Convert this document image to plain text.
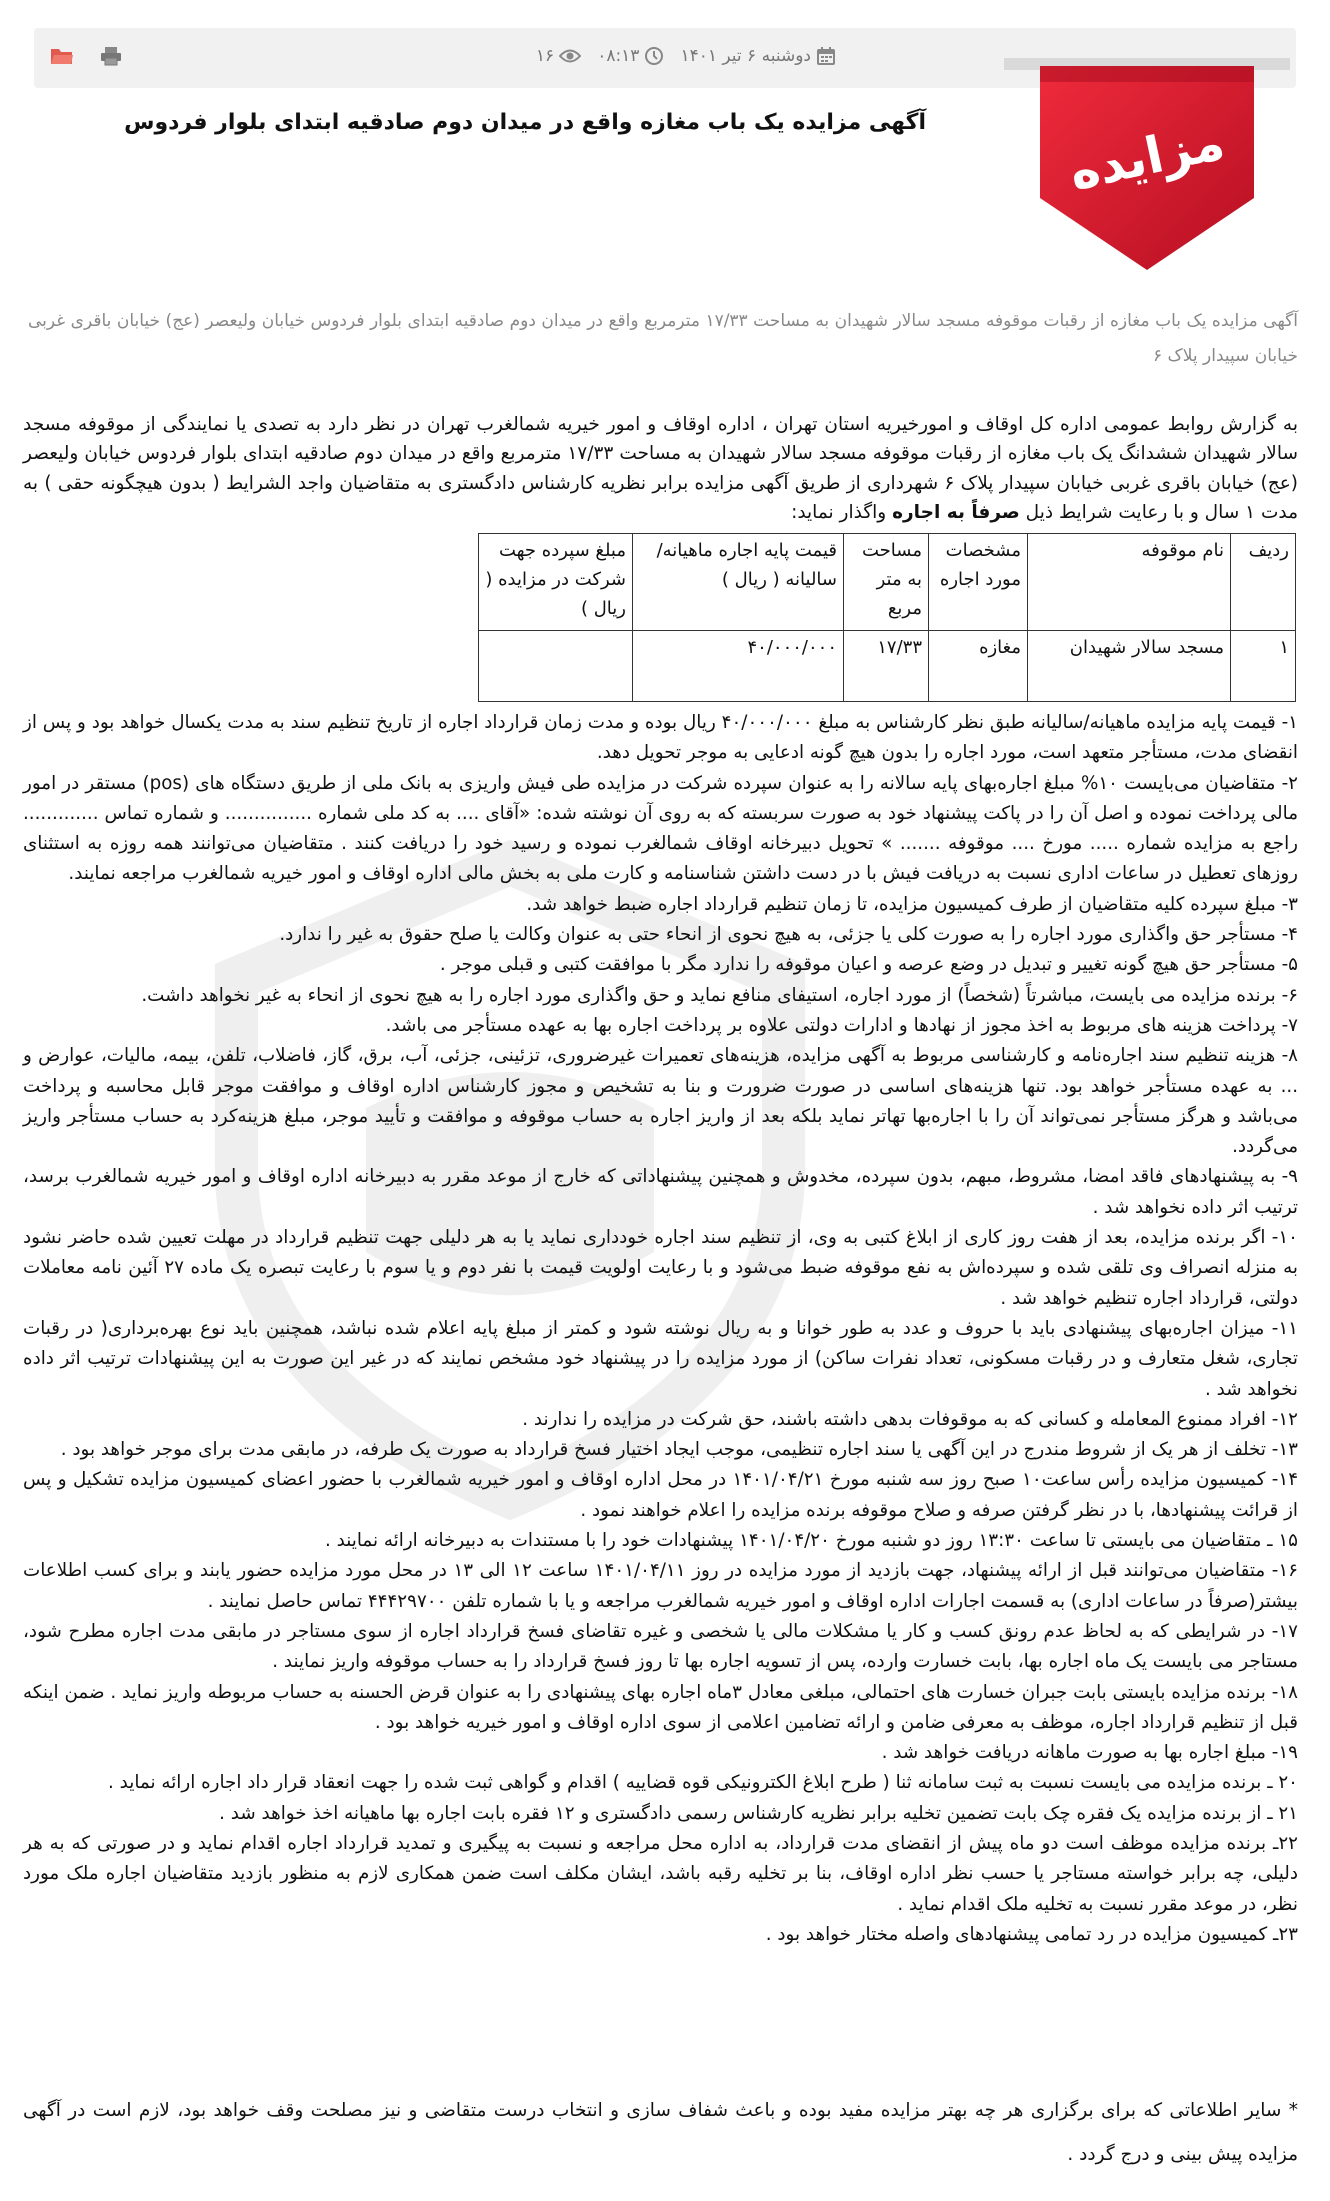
دوشنبه ۶ تیر ۱۴۰۱
۰۸:۱۳
۱۶
مزایده
آگهی مزایده یک باب مغازه واقع در میدان دوم صادقیه ابتدای بلوار فردوس

آگهی مزایده یک باب مغازه از رقبات موقوفه مسجد سالار شهیدان به مساحت ۱۷/۳۳ مترمربع واقع در میدان دوم صادقیه ابتدای بلوار فردوس خیابان ولیعصر (عج) خیابان باقری غربی خیابان سپیدار پلاک ۶

به گزارش روابط عمومی اداره کل اوقاف و امورخیریه استان تهران ، اداره اوقاف و امور خیریه شمالغرب تهران در نظر دارد به تصدی یا نمایندگی از موقوفه مسجد سالار شهیدان ششدانگ یک باب مغازه از رقبات موقوفه مسجد سالار شهیدان به مساحت ۱۷/۳۳ مترمربع واقع در میدان دوم صادقیه ابتدای بلوار فردوس خیابان ولیعصر (عج) خیابان باقری غربی خیابان سپیدار پلاک ۶ شهرداری از طریق آگهی مزایده برابر نظریه کارشناس دادگستری به متقاضیان واجد الشرایط ( بدون هیچگونه حقی ) به مدت ۱ سال و با رعایت شرایط ذیل صرفاً به اجاره واگذار نماید:

ردیف	نام موقوفه	مشخصات مورد اجاره	مساحت به متر مربع	قیمت پایه اجاره ماهیانه/سالیانه ( ریال )	مبلغ سپرده جهت شرکت در مزایده ( ریال )
۱	مسجد سالار شهیدان	مغازه	۱۷/۳۳	۴۰/۰۰۰/۰۰۰	

۱- قیمت پایه مزایده ماهیانه/سالیانه طبق نظر کارشناس به مبلغ ۴۰/۰۰۰/۰۰۰ ریال بوده و مدت زمان قرارداد اجاره از تاریخ تنظیم سند به مدت یکسال خواهد بود و پس از انقضای مدت، مستأجر متعهد است، مورد اجاره را بدون هیچ گونه ادعایی به موجر تحویل دهد.

۲- متقاضیان می‌بایست ۱۰% مبلغ اجاره‌بهای پایه سالانه را به عنوان سپرده شرکت در مزایده طی فیش واریزی به بانک ملی از طریق دستگاه های (pos) مستقر در امور مالی پرداخت نموده و اصل آن را در پاکت پیشنهاد خود به صورت سربسته که به روی آن نوشته شده: «آقای .... به کد ملی شماره ............... و شماره تماس ............. راجع به مزایده شماره ..... مورخ .... موقوفه ....... » تحویل دبیرخانه اوقاف شمالغرب نموده و رسید خود را دریافت کنند . متقاضیان می‌توانند همه روزه به استثنای روزهای تعطیل در ساعات اداری نسبت به دریافت فیش با در دست داشتن شناسنامه و کارت ملی به بخش مالی اداره اوقاف و امور خیریه شمالغرب مراجعه نمایند.

۳- مبلغ سپرده کلیه متقاضیان از طرف کمیسیون مزایده، تا زمان تنظیم قرارداد اجاره ضبط خواهد شد.

۴- مستأجر حق واگذاری مورد اجاره را به صورت کلی یا جزئی، به هیچ نحوی از انحاء حتی به عنوان وکالت یا صلح حقوق به غیر را ندارد.

۵- مستأجر حق هیچ گونه تغییر و تبدیل در وضع عرصه و اعیان موقوفه را ندارد مگر با موافقت کتبی و قبلی موجر .

۶- برنده مزایده می بایست، مباشرتاً (شخصاً) از مورد اجاره، استیفای منافع نماید و حق واگذاری مورد اجاره را به هیچ نحوی از انحاء به غیر نخواهد داشت.

۷- پرداخت هزینه های مربوط به اخذ مجوز از نهادها و ادارات دولتی علاوه بر پرداخت اجاره بها به عهده مستأجر می باشد.

۸- هزینه تنظیم سند اجاره‌نامه و کارشناسی مربوط به آگهی مزایده، هزینه‌های تعمیرات غیرضروری، تزئینی، جزئی، آب، برق، گاز، فاضلاب، تلفن، بیمه، مالیات، عوارض و ... به عهده مستأجر خواهد بود. تنها هزینه‌های اساسی در صورت ضرورت و بنا به تشخیص و مجوز کارشناس اداره اوقاف و موافقت موجر قابل محاسبه و پرداخت می‌باشد و هرگز مستأجر نمی‌تواند آن را با اجاره‌بها تهاتر نماید بلکه بعد از واریز اجاره به حساب موقوفه و موافقت و تأیید موجر، مبلغ هزینه‌کرد به حساب مستأجر واریز می‌گردد.

۹- به پیشنهادهای فاقد امضا، مشروط، مبهم، بدون سپرده، مخدوش و همچنین پیشنهاداتی که خارج از موعد مقرر به دبیرخانه اداره اوقاف و امور خیریه شمالغرب برسد، ترتیب اثر داده نخواهد شد .

۱۰- اگر برنده مزایده، بعد از هفت روز کاری از ابلاغ کتبی به وی، از تنظیم سند اجاره خودداری نماید یا به هر دلیلی جهت تنظیم قرارداد در مهلت تعیین شده حاضر نشود به منزله انصراف وی تلقی شده و سپرده‌اش به نفع موقوفه ضبط می‌شود و با رعایت اولویت قیمت با نفر دوم و یا سوم با رعایت تبصره یک ماده ۲۷ آئین نامه معاملات دولتی، قرارداد اجاره تنظیم خواهد شد .

۱۱- میزان اجاره‌بهای پیشنهادی باید با حروف و عدد به طور خوانا و به ریال نوشته شود و کمتر از مبلغ پایه اعلام شده نباشد، همچنین باید نوع بهره‌برداری( در رقبات تجاری، شغل متعارف و در رقبات مسکونی، تعداد نفرات ساکن) از مورد مزایده را در پیشنهاد خود مشخص نمایند که در غیر این صورت به این پیشنهادات ترتیب اثر داده نخواهد شد .

۱۲- افراد ممنوع المعامله و کسانی که به موقوفات بدهی داشته باشند، حق شرکت در مزایده را ندارند .

۱۳- تخلف از هر یک از شروط مندرج در این آگهی یا سند اجاره تنظیمی، موجب ایجاد اختیار فسخ قرارداد به صورت یک طرفه، در مابقی مدت برای موجر خواهد بود .

۱۴- کمیسیون مزایده رأس ساعت۱۰ صبح روز سه شنبه مورخ ۱۴۰۱/۰۴/۲۱ در محل اداره اوقاف و امور خیریه شمالغرب با حضور اعضای کمیسیون مزایده تشکیل و پس از قرائت پیشنهادها، با در نظر گرفتن صرفه و صلاح موقوفه برنده مزایده را اعلام خواهند نمود .

۱۵ ـ متقاضیان می بایستی تا ساعت ۱۳:۳۰ روز دو شنبه مورخ ۱۴۰۱/۰۴/۲۰ پیشنهادات خود را با مستندات به دبیرخانه ارائه نمایند .

۱۶- متقاضیان می‌توانند قبل از ارائه پیشنهاد، جهت بازدید از مورد مزایده در روز ۱۴۰۱/۰۴/۱۱ ساعت ۱۲ الی ۱۳ در محل مورد مزایده حضور یابند و برای کسب اطلاعات بیشتر(صرفاً در ساعات اداری) به قسمت اجارات اداره اوقاف و امور خیریه شمالغرب مراجعه و یا با شماره تلفن ۴۴۴۲۹۷۰۰ تماس حاصل نمایند .

۱۷- در شرایطی که به لحاظ عدم رونق کسب و کار یا مشکلات مالی یا شخصی و غیره تقاضای فسخ قرارداد اجاره از سوی مستاجر در مابقی مدت اجاره مطرح شود، مستاجر می بایست یک ماه اجاره بها، بابت خسارت وارده، پس از تسویه اجاره بها تا روز فسخ قرارداد را به حساب موقوفه واریز نمایند .

۱۸- برنده مزایده بایستی بابت جبران خسارت های احتمالی، مبلغی معادل ۳ماه اجاره بهای پیشنهادی را به عنوان قرض الحسنه به حساب مربوطه واریز نماید . ضمن اینکه قبل از تنظیم قرارداد اجاره، موظف به معرفی ضامن و ارائه تضامین اعلامی از سوی اداره اوقاف و امور خیریه خواهد بود .

۱۹- مبلغ اجاره بها به صورت ماهانه دریافت خواهد شد .

۲۰ ـ برنده مزایده می بایست نسبت به ثبت سامانه ثنا ( طرح ابلاغ الکترونیکی قوه قضاییه ) اقدام و گواهی ثبت شده را جهت انعقاد قرار داد اجاره ارائه نماید .

۲۱ ـ از برنده مزایده یک فقره چک بابت تضمین تخلیه برابر نظریه کارشناس رسمی دادگستری و ۱۲ فقره بابت اجاره بها ماهیانه اخذ خواهد شد .

۲۲ـ برنده مزایده موظف است دو ماه پیش از انقضای مدت قرارداد، به اداره محل مراجعه و نسبت به پیگیری و تمدید قرارداد اجاره اقدام نماید و در صورتی که به هر دلیلی، چه برابر خواسته مستاجر یا حسب نظر اداره اوقاف، بنا بر تخلیه رقبه باشد، ایشان مکلف است ضمن همکاری لازم به منظور بازدید متقاضیان اجاره ملک مورد نظر، در موعد مقرر نسبت به تخلیه ملک اقدام نماید .

۲۳ـ کمیسیون مزایده در رد تمامی پیشنهادهای واصله مختار خواهد بود .

* سایر اطلاعاتی که برای برگزاری هر چه بهتر مزایده مفید بوده و باعث شفاف سازی و انتخاب درست متقاضی و نیز مصلحت وقف خواهد بود، لازم است در آگهی مزایده پیش بینی و درج گردد .
